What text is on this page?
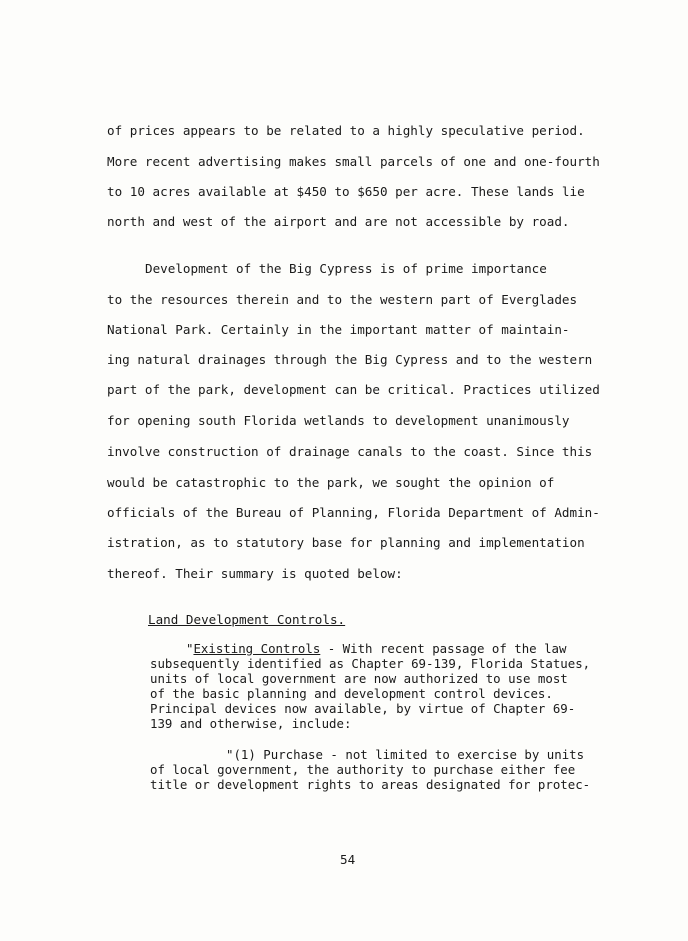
of prices appears to be related to a highly speculative period.
More recent advertising makes small parcels of one and one-fourth
to 10 acres available at $450 to $650 per acre. These lands lie
north and west of the airport and are not accessible by road.
Development of the Big Cypress is of prime importance
to the resources therein and to the western part of Everglades
National Park. Certainly in the important matter of maintain-
ing natural drainages through the Big Cypress and to the western
part of the park, development can be critical. Practices utilized
for opening south Florida wetlands to development unanimously
involve construction of drainage canals to the coast. Since this
would be catastrophic to the park, we sought the opinion of
officials of the Bureau of Planning, Florida Department of Admin-
istration, as to statutory base for planning and implementation
thereof. Their summary is quoted below:
Land Development Controls.
"Existing Controls - With recent passage of the law
subsequently identified as Chapter 69-139, Florida Statues,
units of local government are now authorized to use most
of the basic planning and development control devices.
Principal devices now available, by virtue of Chapter 69-
139 and otherwise, include:
"(1) Purchase - not limited to exercise by units
of local government, the authority to purchase either fee
title or development rights to areas designated for protec-
54
